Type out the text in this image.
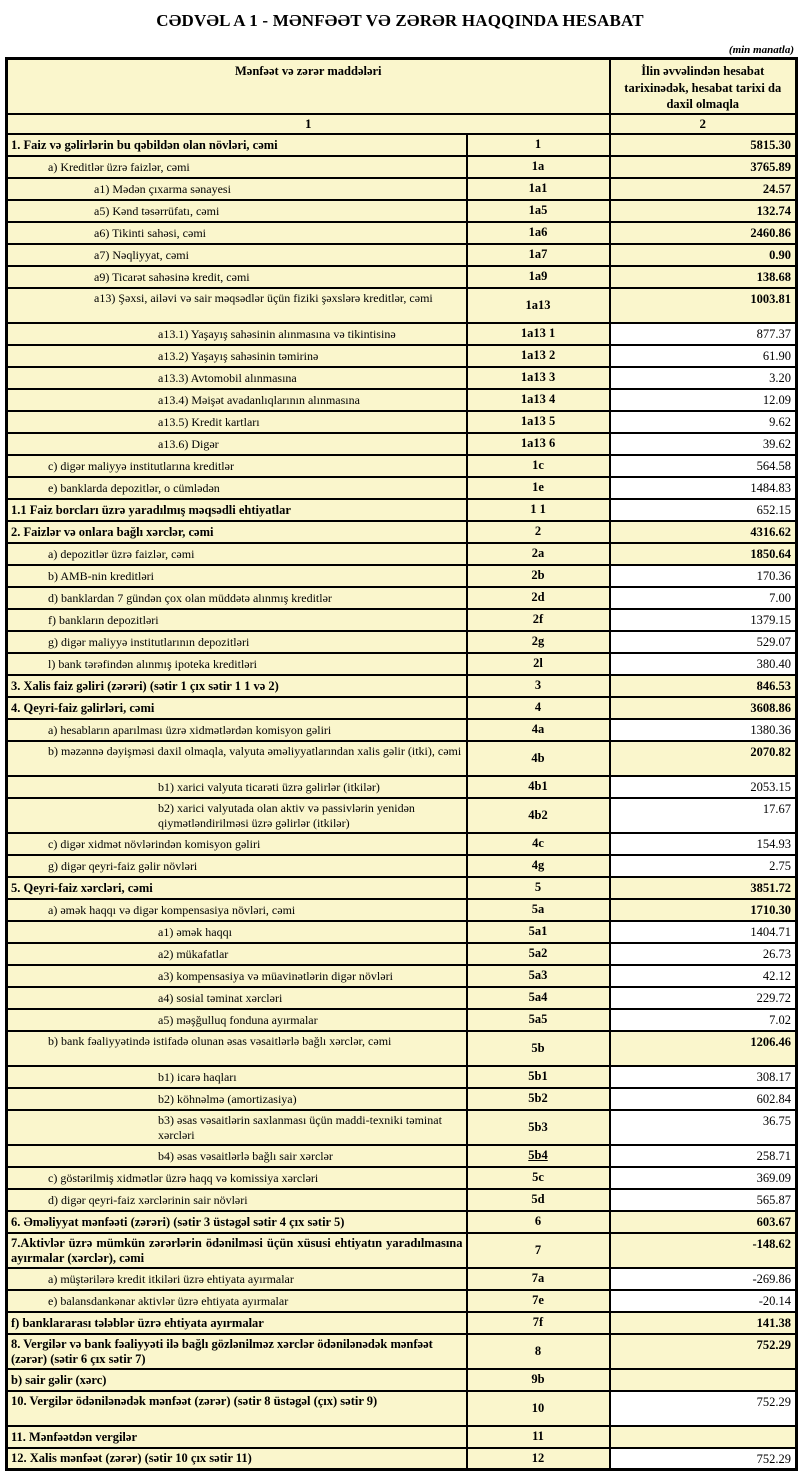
CƏDVƏL A 1 - MƏNFƏƏT VƏ ZƏRƏR HAQQINDA HESABAT
(min manatla)
Mənfəət və zərər maddələri		İlin əvvəlindən hesabat tarixinədək, hesabat tarixi da daxil olmaqla
1		2

1. Faiz və gəlirlərin bu qəbildən olan növləri, cəmi	1	5815.30

a) Kreditlər üzrə faizlər, cəmi	1a	3765.89

a1) Mədən çıxarma sənayesi	1a1	24.57

a5) Kənd təsərrüfatı, cəmi	1a5	132.74

a6) Tikinti sahəsi, cəmi	1a6	2460.86

a7) Nəqliyyat, cəmi	1a7	0.90

a9) Ticarət sahəsinə kredit, cəmi	1a9	138.68

a13) Şəxsi, ailəvi və sair məqsədlər üçün fiziki şəxslərə kreditlər, cəmi	1a13	1003.81

a13.1) Yaşayış sahəsinin alınmasına və tikintisinə	1a13 1	877.37

a13.2) Yaşayış sahəsinin təmirinə	1a13 2	61.90

a13.3) Avtomobil alınmasına	1a13 3	3.20

a13.4) Məişət avadanlıqlarının alınmasına	1a13 4	12.09

a13.5) Kredit kartları	1a13 5	9.62

a13.6) Digər	1a13 6	39.62

c) digər maliyyə institutlarına kreditlər	1c	564.58

e) banklarda depozitlər, o cümlədən	1e	1484.83

1.1 Faiz borcları üzrə yaradılmış məqsədli ehtiyatlar	1 1	652.15

2. Faizlər və onlara bağlı xərclər, cəmi	2	4316.62

a) depozitlər üzrə faizlər, cəmi	2a	1850.64

b) AMB-nin kreditləri	2b	170.36

d) banklardan 7 gündən çox olan müddətə alınmış kreditlər	2d	7.00

f) bankların depozitləri	2f	1379.15

g) digər maliyyə institutlarının depozitləri	2g	529.07

l) bank tərəfindən alınmış ipoteka kreditləri	2l	380.40

3. Xalis faiz gəliri (zərəri) (sətir 1 çıx sətir 1 1 və 2)	3	846.53

4. Qeyri-faiz gəlirləri, cəmi	4	3608.86

a) hesabların aparılması üzrə xidmətlərdən komisyon gəliri	4a	1380.36

b) məzənnə dəyişməsi daxil olmaqla, valyuta əməliyyatlarından xalis gəlir (itki), cəmi	4b	2070.82

b1) xarici valyuta ticarəti üzrə gəlirlər (itkilər)	4b1	2053.15

b2) xarici valyutada olan aktiv və passivlərin yenidən qiymətləndirilməsi üzrə gəlirlər (itkilər)	4b2	17.67

c) digər xidmət növlərindən komisyon gəliri	4c	154.93

g) digər qeyri-faiz gəlir növləri	4g	2.75

5. Qeyri-faiz xərcləri, cəmi	5	3851.72

a) əmək haqqı və digər kompensasiya növləri, cəmi	5a	1710.30

a1) əmək haqqı	5a1	1404.71

a2) mükafatlar	5a2	26.73

a3) kompensasiya və müavinətlərin digər növləri	5a3	42.12

a4) sosial təminat xərcləri	5a4	229.72

a5) məşğulluq fonduna ayırmalar	5a5	7.02

b) bank fəaliyyətində istifadə olunan əsas vəsaitlərlə bağlı xərclər, cəmi	5b	1206.46

b1) icarə haqları	5b1	308.17

b2) köhnəlmə (amortizasiya)	5b2	602.84

b3) əsas vəsaitlərin saxlanması üçün maddi-texniki təminat xərcləri	5b3	36.75

b4) əsas vəsaitlərlə bağlı sair xərclər	5b4	258.71

c) göstərilmiş xidmətlər üzrə haqq və komissiya xərcləri	5c	369.09

d) digər qeyri-faiz xərclərinin sair növləri	5d	565.87

6. Əməliyyat mənfəəti (zərəri) (sətir 3 üstəgəl sətir 4 çıx sətir 5)	6	603.67

7.Aktivlər üzrə mümkün zərərlərin ödənilməsi üçün xüsusi ehtiyatın yaradılmasına ayırmalar (xərclər), cəmi	7	-148.62

a) müştərilərə kredit itkiləri üzrə ehtiyata ayırmalar	7a	-269.86

e) balansdankənar aktivlər üzrə ehtiyata ayırmalar	7e	-20.14

f) banklararası tələblər üzrə ehtiyata ayırmalar	7f	141.38

8. Vergilər və bank fəaliyyəti ilə bağlı gözlənilməz xərclər ödənilənədək mənfəət (zərər) (sətir 6 çıx sətir 7)	8	752.29

b) sair gəlir (xərc)	9b	

10. Vergilər ödənilənədək mənfəət (zərər) (sətir 8 üstəgəl (çıx) sətir 9)	10	752.29

11. Mənfəətdən vergilər	11	

12. Xalis mənfəət (zərər) (sətir 10 çıx sətir 11)	12	752.29
